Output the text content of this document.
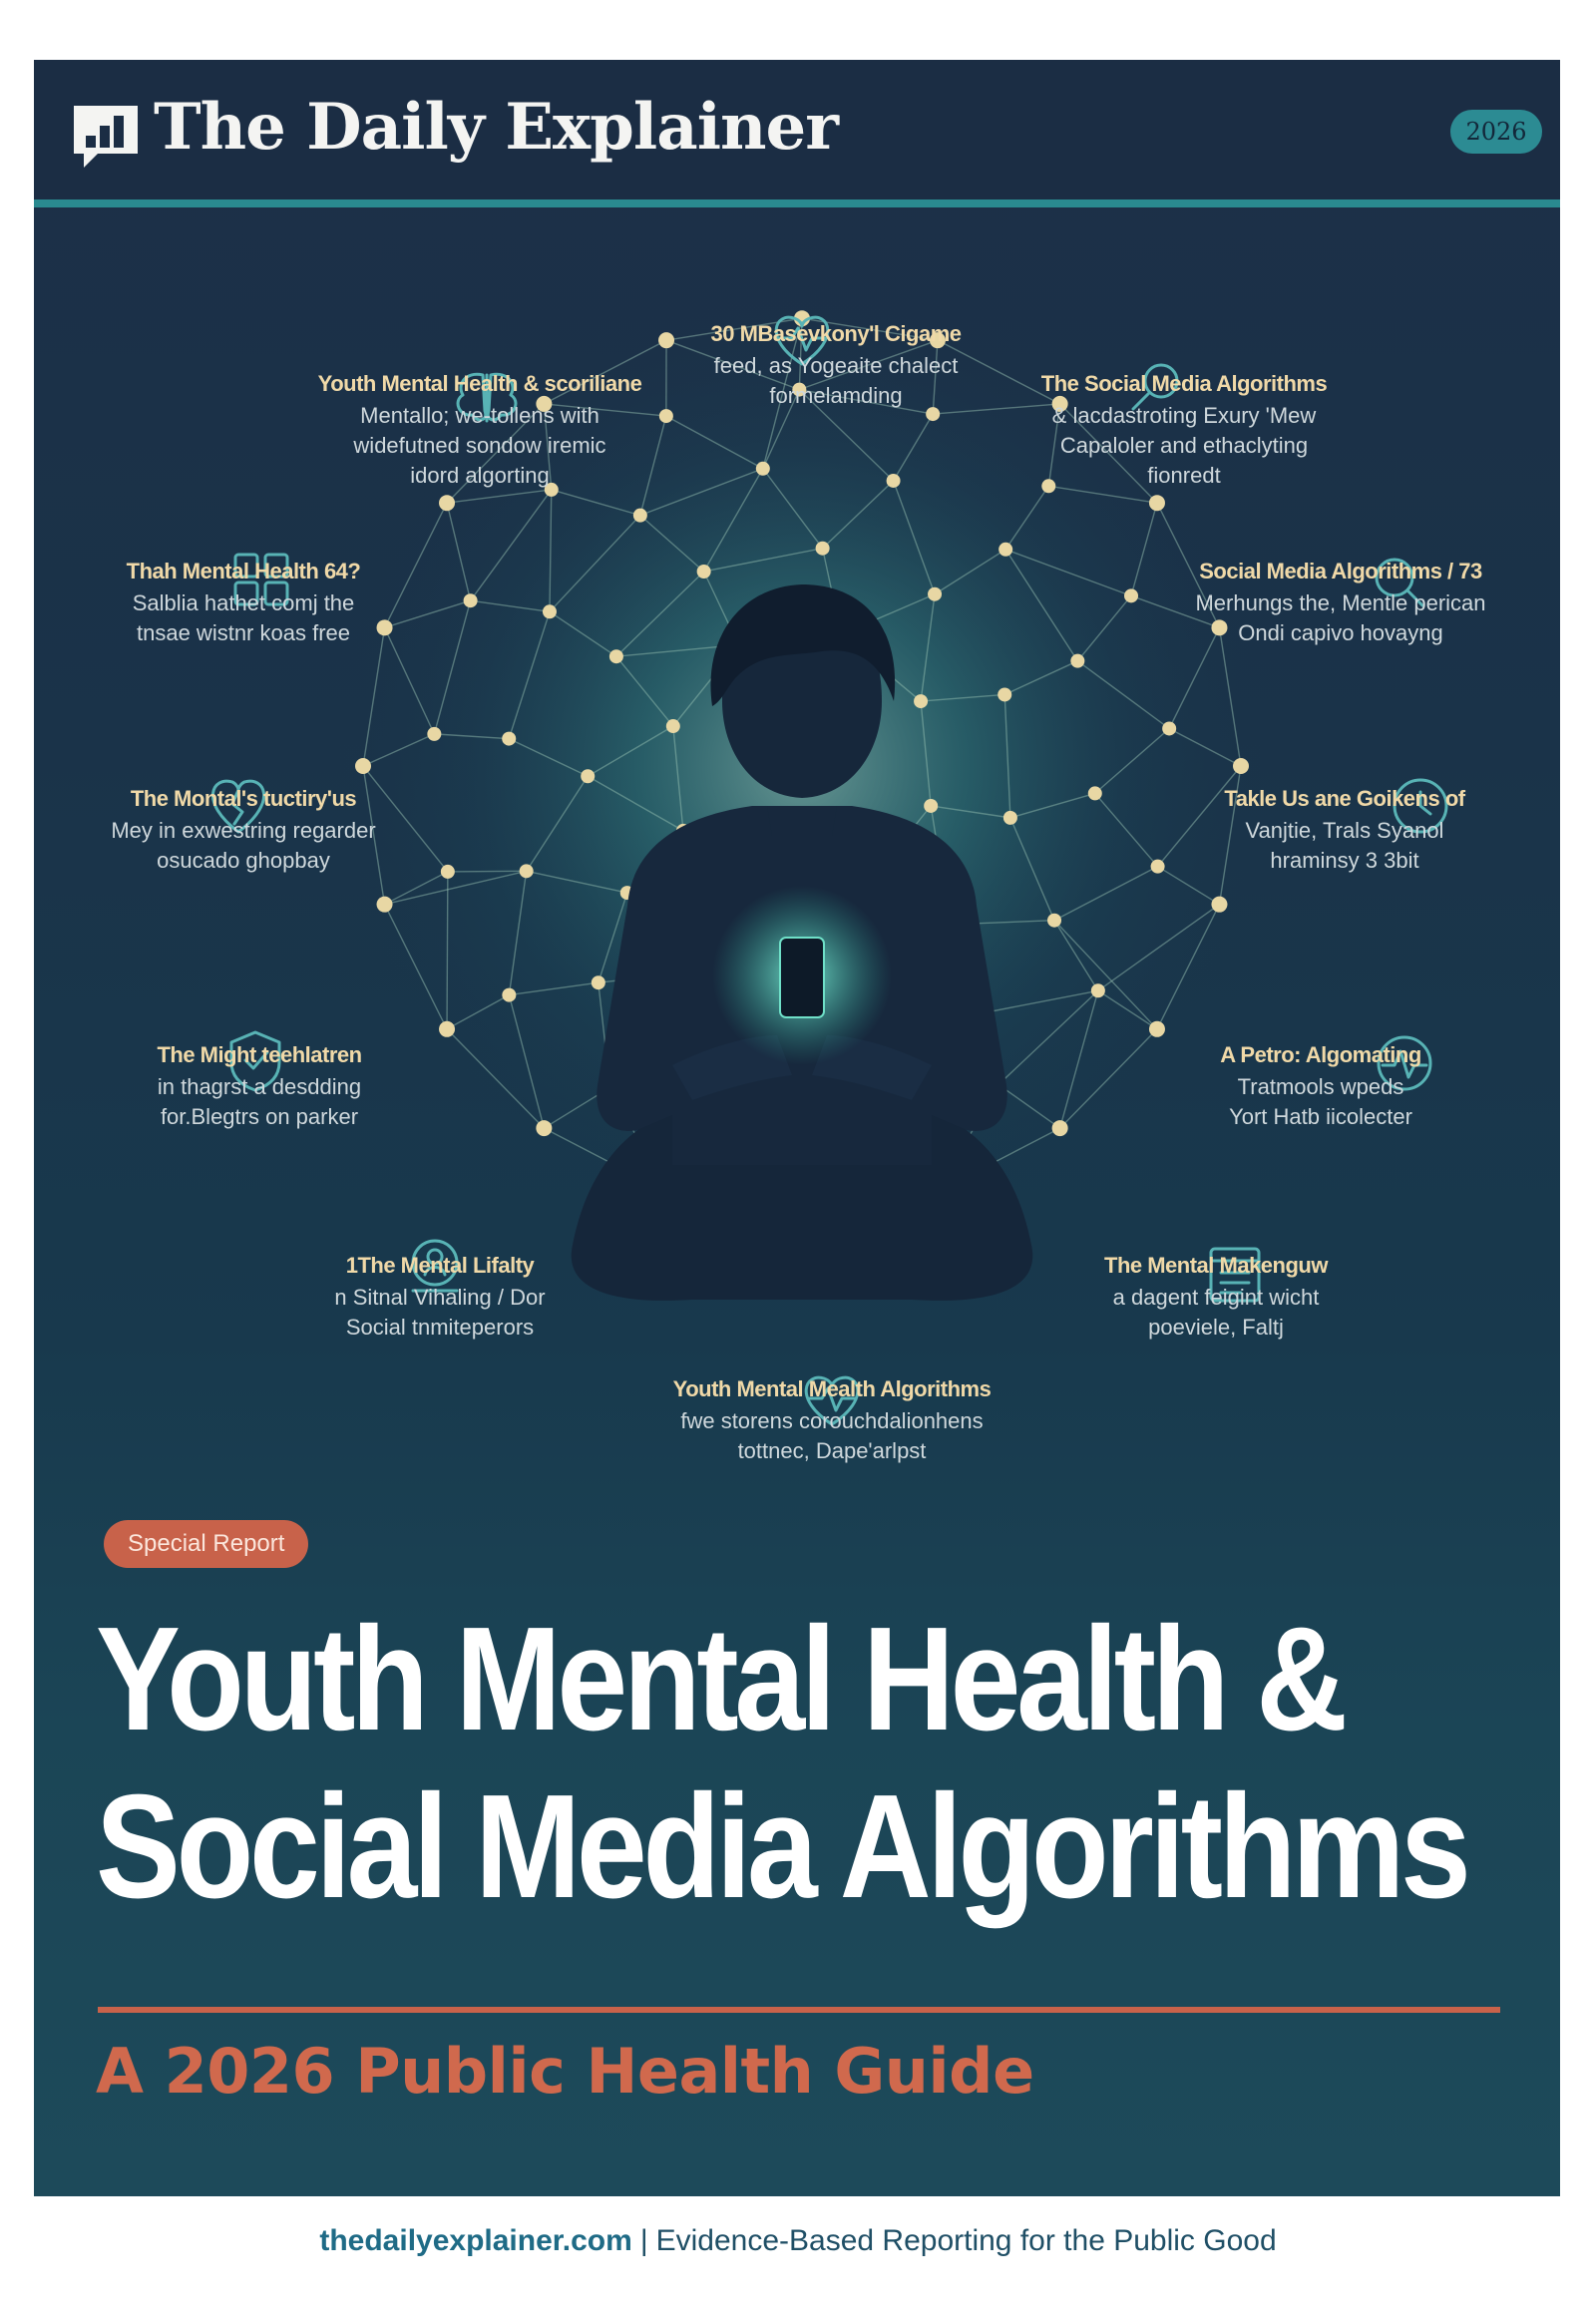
The Daily Explainer	2026
30 MBasevkony'l Cigame
feed, as Yogeaite chalect
formelamding
Youth Mental Health & scoriliane
Mentallo; we-tollens with
widefutned sondow iremic
idord algorting
The Social Media Algorithms
& lacdastroting Exury 'Mew
Capaloler and ethaclyting
fionredt
Thah Mental Health 64?
Salblia hathet comj the
tnsae wistnr koas free
Social Media Algorithms / 73
Merhungs the, Mentle perican
Ondi capivo hovayng
The Montal's tuctiry'us
Mey in exwestring regarder
osucado ghopbay
Takle Us ane Goikens of
Vanjtie, Trals Syanol
hraminsy 3 3bit
The Might teehlatren
in thagrst a desdding
for.Blegtrs on parker
A Petro: Algomating
Tratmools wpeds
Yort Hatb iicolecter
1The Mental Lifalty
n Sitnal Vihaling / Dor
Social tnmiteperors
The Mental Makenguw
a dagent feigint wicht
poeviele, Faltj
Youth Mental Mealth Algorithms
fwe storens corouchdalionhens
tottnec, Dape'arlpst
Special Report
Youth Mental Health &
Social Media Algorithms
A 2026 Public Health Guide
thedailyexplainer.com | Evidence-Based Reporting for the Public Good
